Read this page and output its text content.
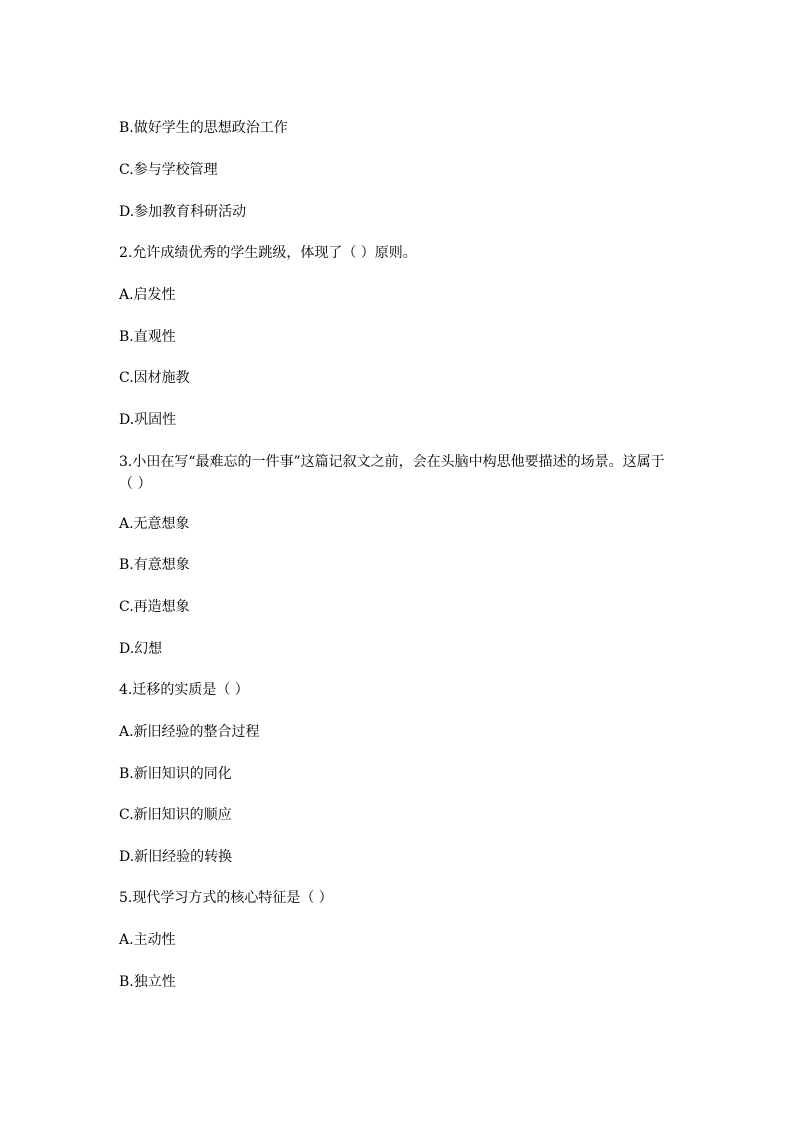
B.做好学生的思想政治工作
C.参与学校管理
D.参加教育科研活动
2.允许成绩优秀的学生跳级，体现了（ ）原则。
A.启发性
B.直观性
C.因材施教
D.巩固性
3.小田在写“最难忘的一件事”这篇记叙文之前，会在头脑中构思他要描述的场景。这属于（ ）
A.无意想象
B.有意想象
C.再造想象
D.幻想
4.迁移的实质是（ ）
A.新旧经验的整合过程
B.新旧知识的同化
C.新旧知识的顺应
D.新旧经验的转换
5.现代学习方式的核心特征是（ ）
A.主动性
B.独立性
